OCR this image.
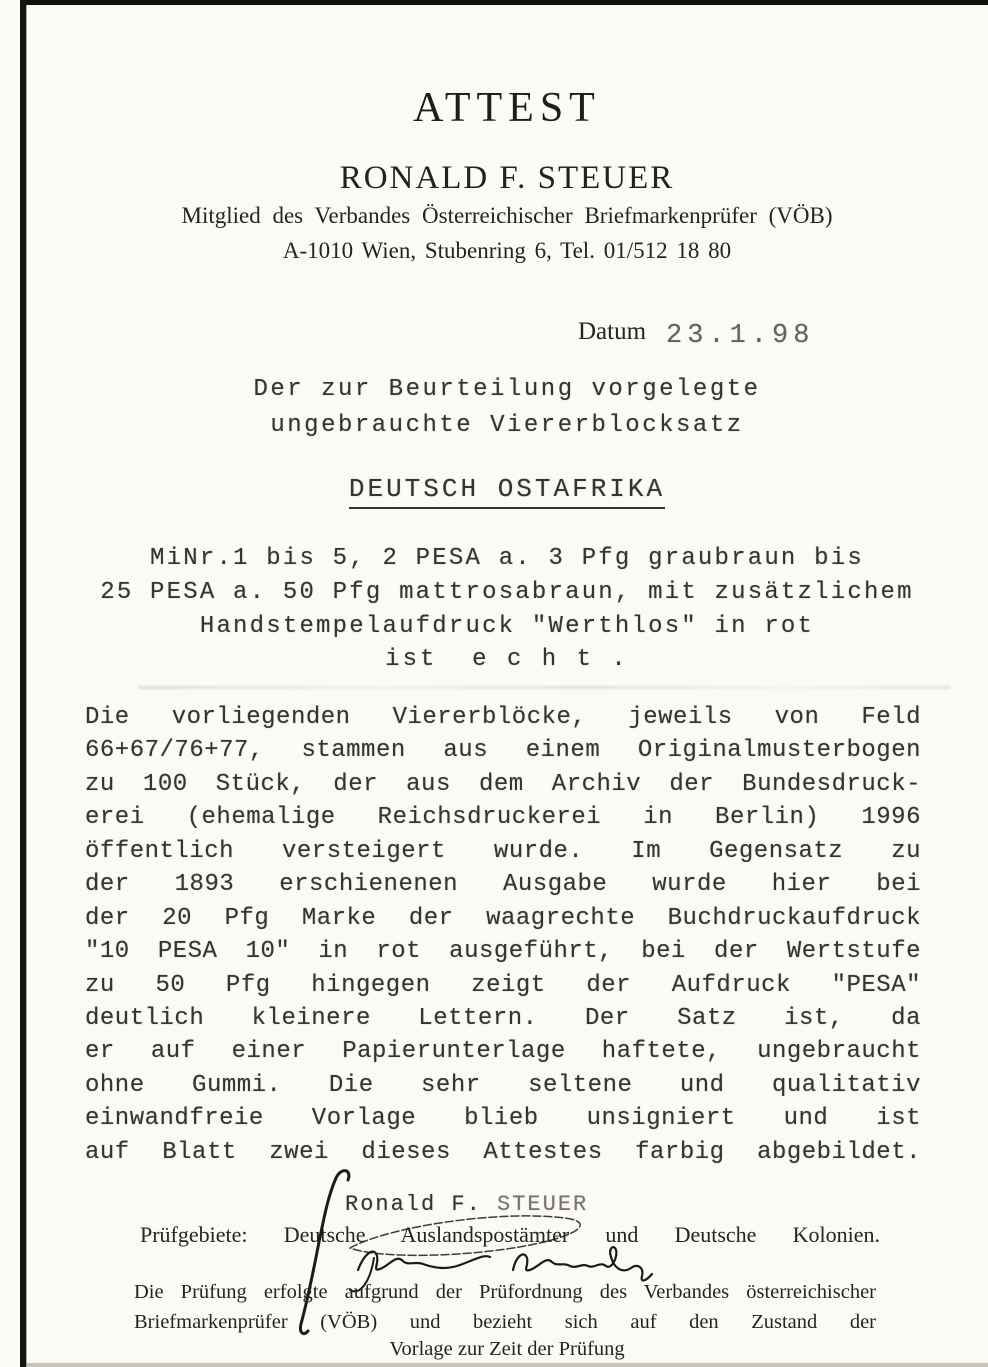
ATTEST
RONALD F. STEUER
Mitglied des Verbandes Österreichischer Briefmarkenprüfer (VÖB)
A-1010 Wien, Stubenring 6, Tel. 01/512 18 80
Datum 23.1.98
Der zur Beurteilung vorgelegte
ungebrauchte Viererblocksatz
DEUTSCH OSTAFRIKA
MiNr.1 bis 5, 2 PESA a. 3 Pfg graubraun bis
25 PESA a. 50 Pfg mattrosabraun, mit zusätzlichem
Handstempelaufdruck "Werthlos" in rot
ist  e c h t .
Die vorliegenden Viererblöcke, jeweils von Feld
66+67/76+77, stammen aus einem Originalmusterbogen
zu 100 Stück, der aus dem Archiv der Bundesdruck-
erei (ehemalige Reichsdruckerei in Berlin) 1996
öffentlich versteigert wurde. Im Gegensatz zu
der 1893 erschienenen Ausgabe wurde hier bei
der 20 Pfg Marke der waagrechte Buchdruckaufdruck
"10 PESA 10" in rot ausgeführt, bei der Wertstufe
zu 50 Pfg hingegen zeigt der Aufdruck "PESA"
deutlich kleinere Lettern. Der Satz ist, da
er auf einer Papierunterlage haftete, ungebraucht
ohne Gummi. Die sehr seltene und qualitativ
einwandfreie Vorlage blieb unsigniert und ist
auf Blatt zwei dieses Attestes farbig abgebildet.
Ronald F. STEUER
Prüfgebiete: Deutsche Auslandspostämter und Deutsche Kolonien.
Die Prüfung erfolgte aufgrund der Prüfordnung des Verbandes österreichischer
Briefmarkenprüfer (VÖB) und bezieht sich auf den Zustand der
Vorlage zur Zeit der Prüfung
